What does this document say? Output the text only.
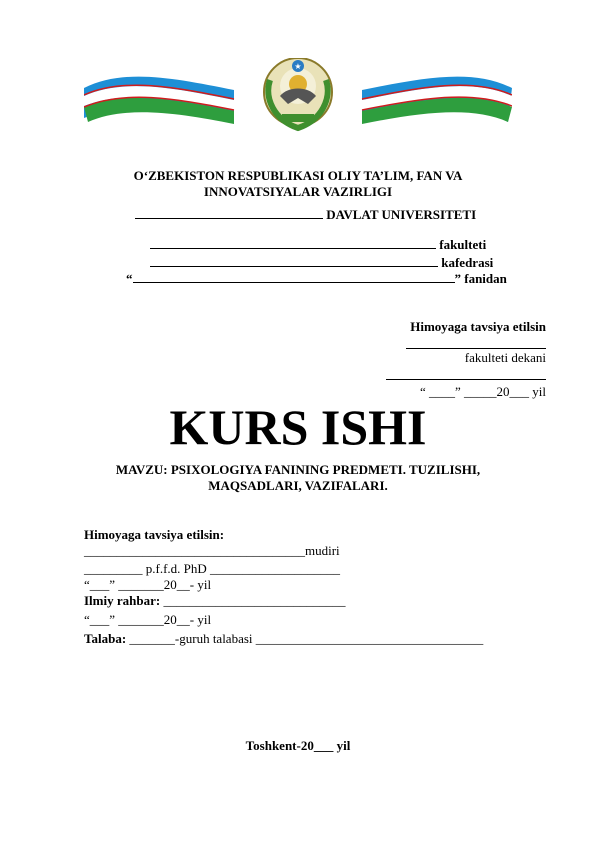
★
O‘ZBEKISTON RESPUBLIKASI OLIY TA’LIM, FAN VA
INNOVATSIYALAR VAZIRLIGI
DAVLAT UNIVERSITETI
fakulteti
kafedrasi
“	” fanidan
Himoyaga tavsiya etilsin
fakulteti dekani
“ ____” _____20___ yil
KURS ISHI
MAVZU: PSIXOLOGIYA FANINING PREDMETI. TUZILISHI,
MAQSADLARI, VAZIFALARI.
Himoyaga tavsiya etilsin:
__________________________________mudiri
_________ p.f.f.d. PhD ____________________
“___” _______20__- yil
Ilmiy rahbar: ____________________________
“___” _______20__- yil
Talaba: _______-guruh talabasi ___________________________________
Toshkent-20___ yil
